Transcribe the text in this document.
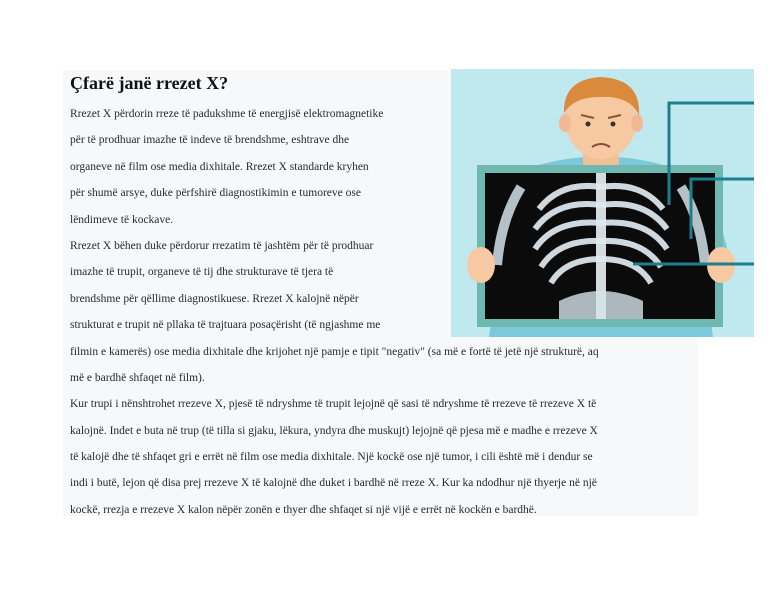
Çfarë janë rrezet X?
Rrezet X përdorin rreze të padukshme të energjisë elektromagnetike
për të prodhuar imazhe të indeve të brendshme, eshtrave dhe
organeve në film ose media dixhitale. Rrezet X standarde kryhen
për shumë arsye, duke përfshirë diagnostikimin e tumoreve ose
lëndimeve të kockave.
Rrezet X bëhen duke përdorur rrezatim të jashtëm për të prodhuar
imazhe të trupit, organeve të tij dhe strukturave të tjera të
brendshme për qëllime diagnostikuese. Rrezet X kalojnë nëpër
strukturat e trupit në pllaka të trajtuara posaçërisht (të ngjashme me
filmin e kamerës) ose media dixhitale dhe krijohet një pamje e tipit "negativ" (sa më e fortë të jetë një strukturë, aq
më e bardhë shfaqet në film).
Kur trupi i nënshtrohet rrezeve X, pjesë të ndryshme të trupit lejojnë që sasi të ndryshme të rrezeve të rrezeve X të
kalojnë. Indet e buta në trup (të tilla si gjaku, lëkura, yndyra dhe muskujt) lejojnë që pjesa më e madhe e rrezeve X
të kalojë dhe të shfaqet gri e errët në film ose media dixhitale. Një kockë ose një tumor, i cili është më i dendur se
indi i butë, lejon që disa prej rrezeve X të kalojnë dhe duket i bardhë në rreze X. Kur ka ndodhur një thyerje në një
kockë, rrezja e rrezeve X kalon nëpër zonën e thyer dhe shfaqet si një vijë e errët në kockën e bardhë.
